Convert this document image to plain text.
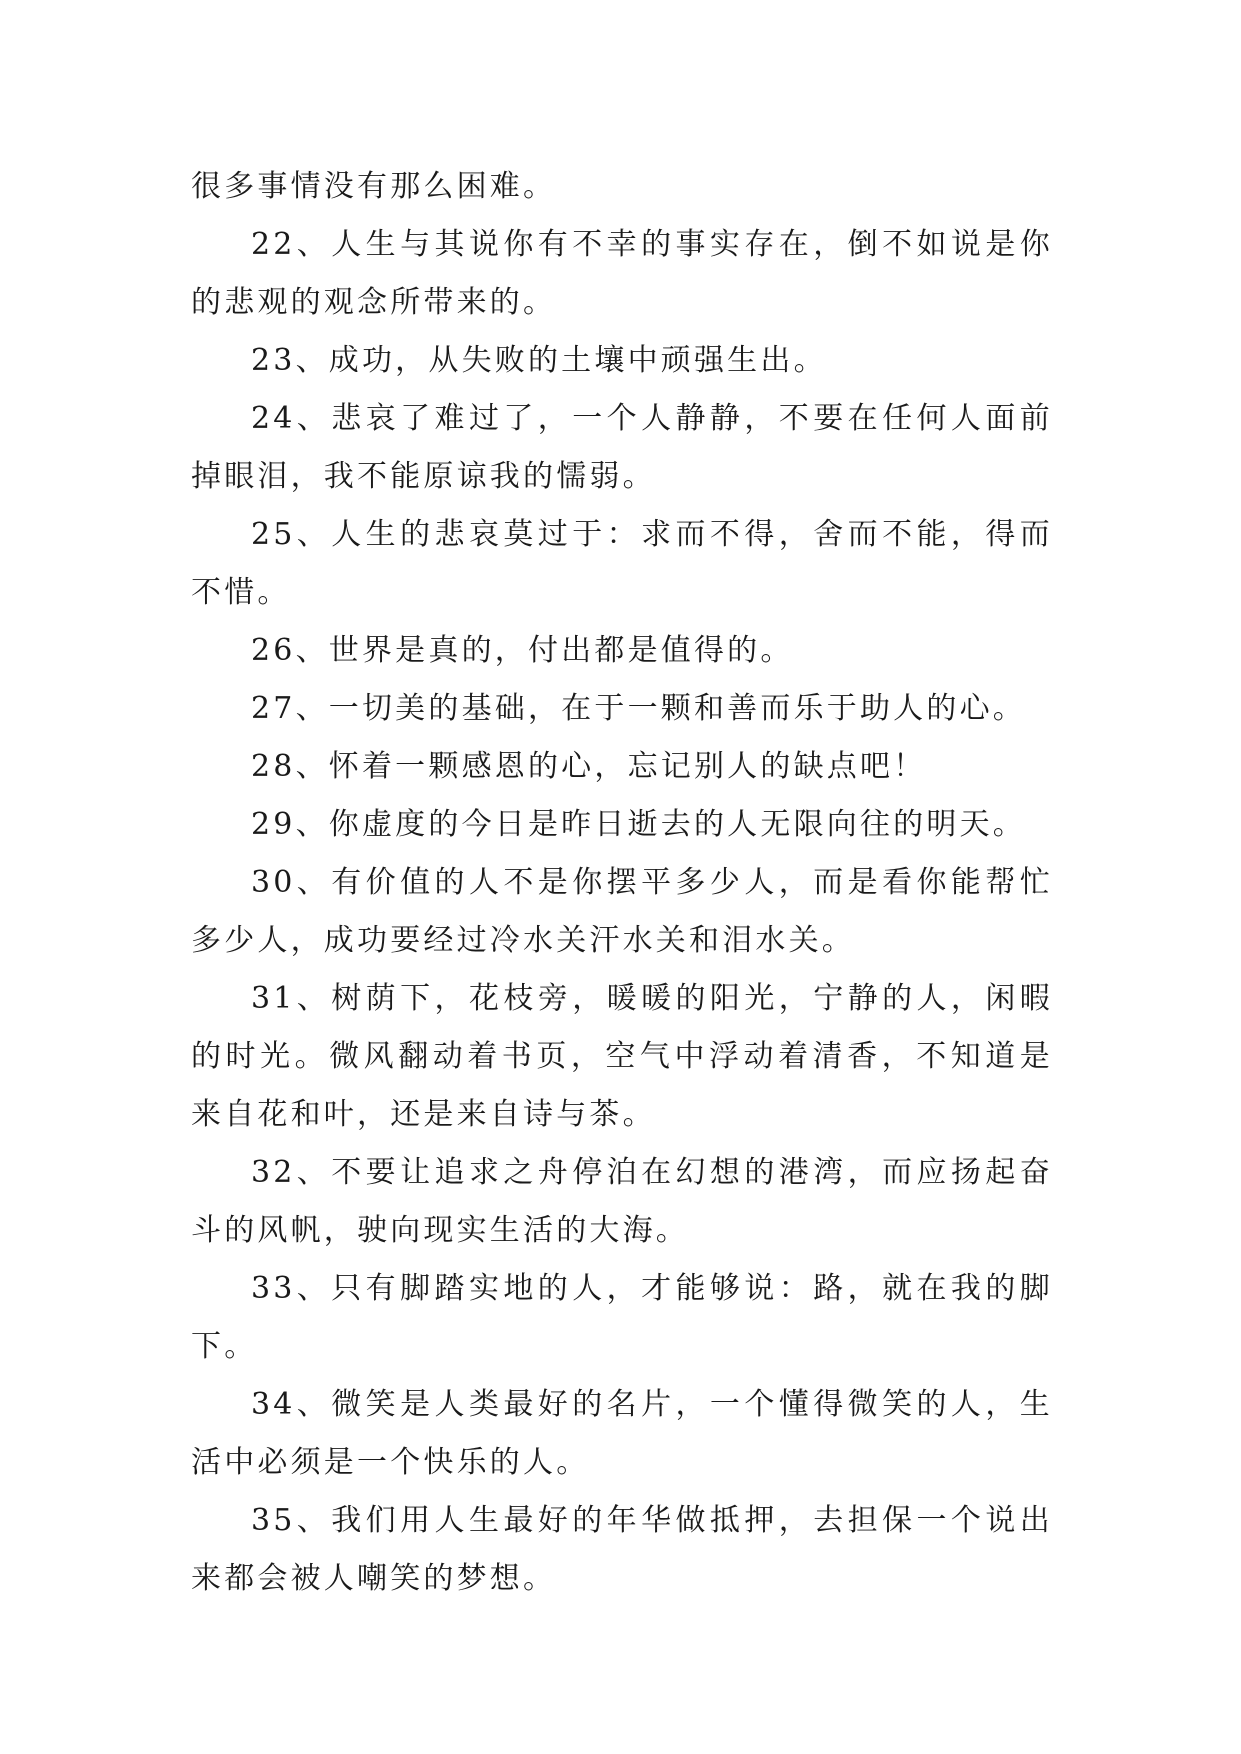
很多事情没有那么困难。

22、人生与其说你有不幸的事实存在，倒不如说是你的悲观的观念所带来的。

23、成功，从失败的土壤中顽强生出。

24、悲哀了难过了，一个人静静，不要在任何人面前掉眼泪，我不能原谅我的懦弱。

25、人生的悲哀莫过于：求而不得，舍而不能，得而不惜。

26、世界是真的，付出都是值得的。

27、一切美的基础，在于一颗和善而乐于助人的心。

28、怀着一颗感恩的心，忘记别人的缺点吧！

29、你虚度的今日是昨日逝去的人无限向往的明天。

30、有价值的人不是你摆平多少人，而是看你能帮忙多少人，成功要经过冷水关汗水关和泪水关。

31、树荫下，花枝旁，暖暖的阳光，宁静的人，闲暇的时光。微风翻动着书页，空气中浮动着清香，不知道是来自花和叶，还是来自诗与茶。

32、不要让追求之舟停泊在幻想的港湾，而应扬起奋斗的风帆，驶向现实生活的大海。

33、只有脚踏实地的人，才能够说：路，就在我的脚下。

34、微笑是人类最好的名片，一个懂得微笑的人，生活中必须是一个快乐的人。

35、我们用人生最好的年华做抵押，去担保一个说出来都会被人嘲笑的梦想。
